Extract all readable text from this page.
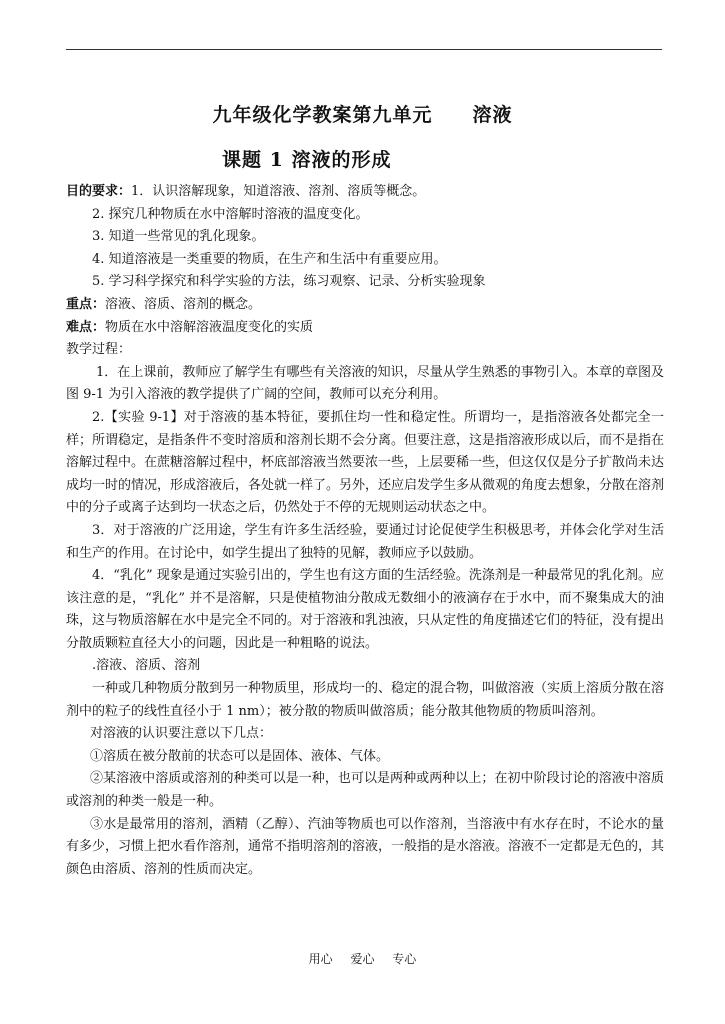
九年级化学教案第九单元 溶液
课题 1 溶液的形成

目的要求：1．认识溶解现象，知道溶液、溶剂、溶质等概念。

2. 探究几种物质在水中溶解时溶液的温度变化。

3. 知道一些常见的乳化现象。

4. 知道溶液是一类重要的物质，在生产和生活中有重要应用。

5. 学习科学探究和科学实验的方法，练习观察、记录、分析实验现象

重点：溶液、溶质、溶剂的概念。

难点：物质在水中溶解溶液温度变化的实质

教学过程：

1．在上课前，教师应了解学生有哪些有关溶液的知识，尽量从学生熟悉的事物引入。本章的章图及图 9-1 为引入溶液的教学提供了广阔的空间，教师可以充分利用。

2.【实验 9-1】对于溶液的基本特征，要抓住均一性和稳定性。所谓均一，是指溶液各处都完全一样；所谓稳定，是指条件不变时溶质和溶剂长期不会分离。但要注意，这是指溶液形成以后，而不是指在溶解过程中。在蔗糖溶解过程中，杯底部溶液当然要浓一些，上层要稀一些，但这仅仅是分子扩散尚未达成均一时的情况，形成溶液后，各处就一样了。另外，还应启发学生多从微观的角度去想象，分散在溶剂中的分子或离子达到均一状态之后，仍然处于不停的无规则运动状态之中。

3．对于溶液的广泛用途，学生有许多生活经验，要通过讨论促使学生积极思考，并体会化学对生活和生产的作用。在讨论中，如学生提出了独特的见解，教师应予以鼓励。

4．“乳化” 现象是通过实验引出的，学生也有这方面的生活经验。洗涤剂是一种最常见的乳化剂。应该注意的是，“乳化” 并不是溶解，只是使植物油分散成无数细小的液滴存在于水中，而不聚集成大的油珠，这与物质溶解在水中是完全不同的。对于溶液和乳浊液，只从定性的角度描述它们的特征，没有提出分散质颗粒直径大小的问题，因此是一种粗略的说法。

.溶液、溶质、溶剂

一种或几种物质分散到另一种物质里，形成均一的、稳定的混合物，叫做溶液（实质上溶质分散在溶剂中的粒子的线性直径小于 1 nm）；被分散的物质叫做溶质；能分散其他物质的物质叫溶剂。

对溶液的认识要注意以下几点：

①溶质在被分散前的状态可以是固体、液体、气体。

②某溶液中溶质或溶剂的种类可以是一种，也可以是两种或两种以上；在初中阶段讨论的溶液中溶质或溶剂的种类一般是一种。

③水是最常用的溶剂，酒精（乙醇）、汽油等物质也可以作溶剂，当溶液中有水存在时，不论水的量有多少，习惯上把水看作溶剂，通常不指明溶剂的溶液，一般指的是水溶液。溶液不一定都是无色的，其颜色由溶质、溶剂的性质而决定。

用心 爱心 专心
